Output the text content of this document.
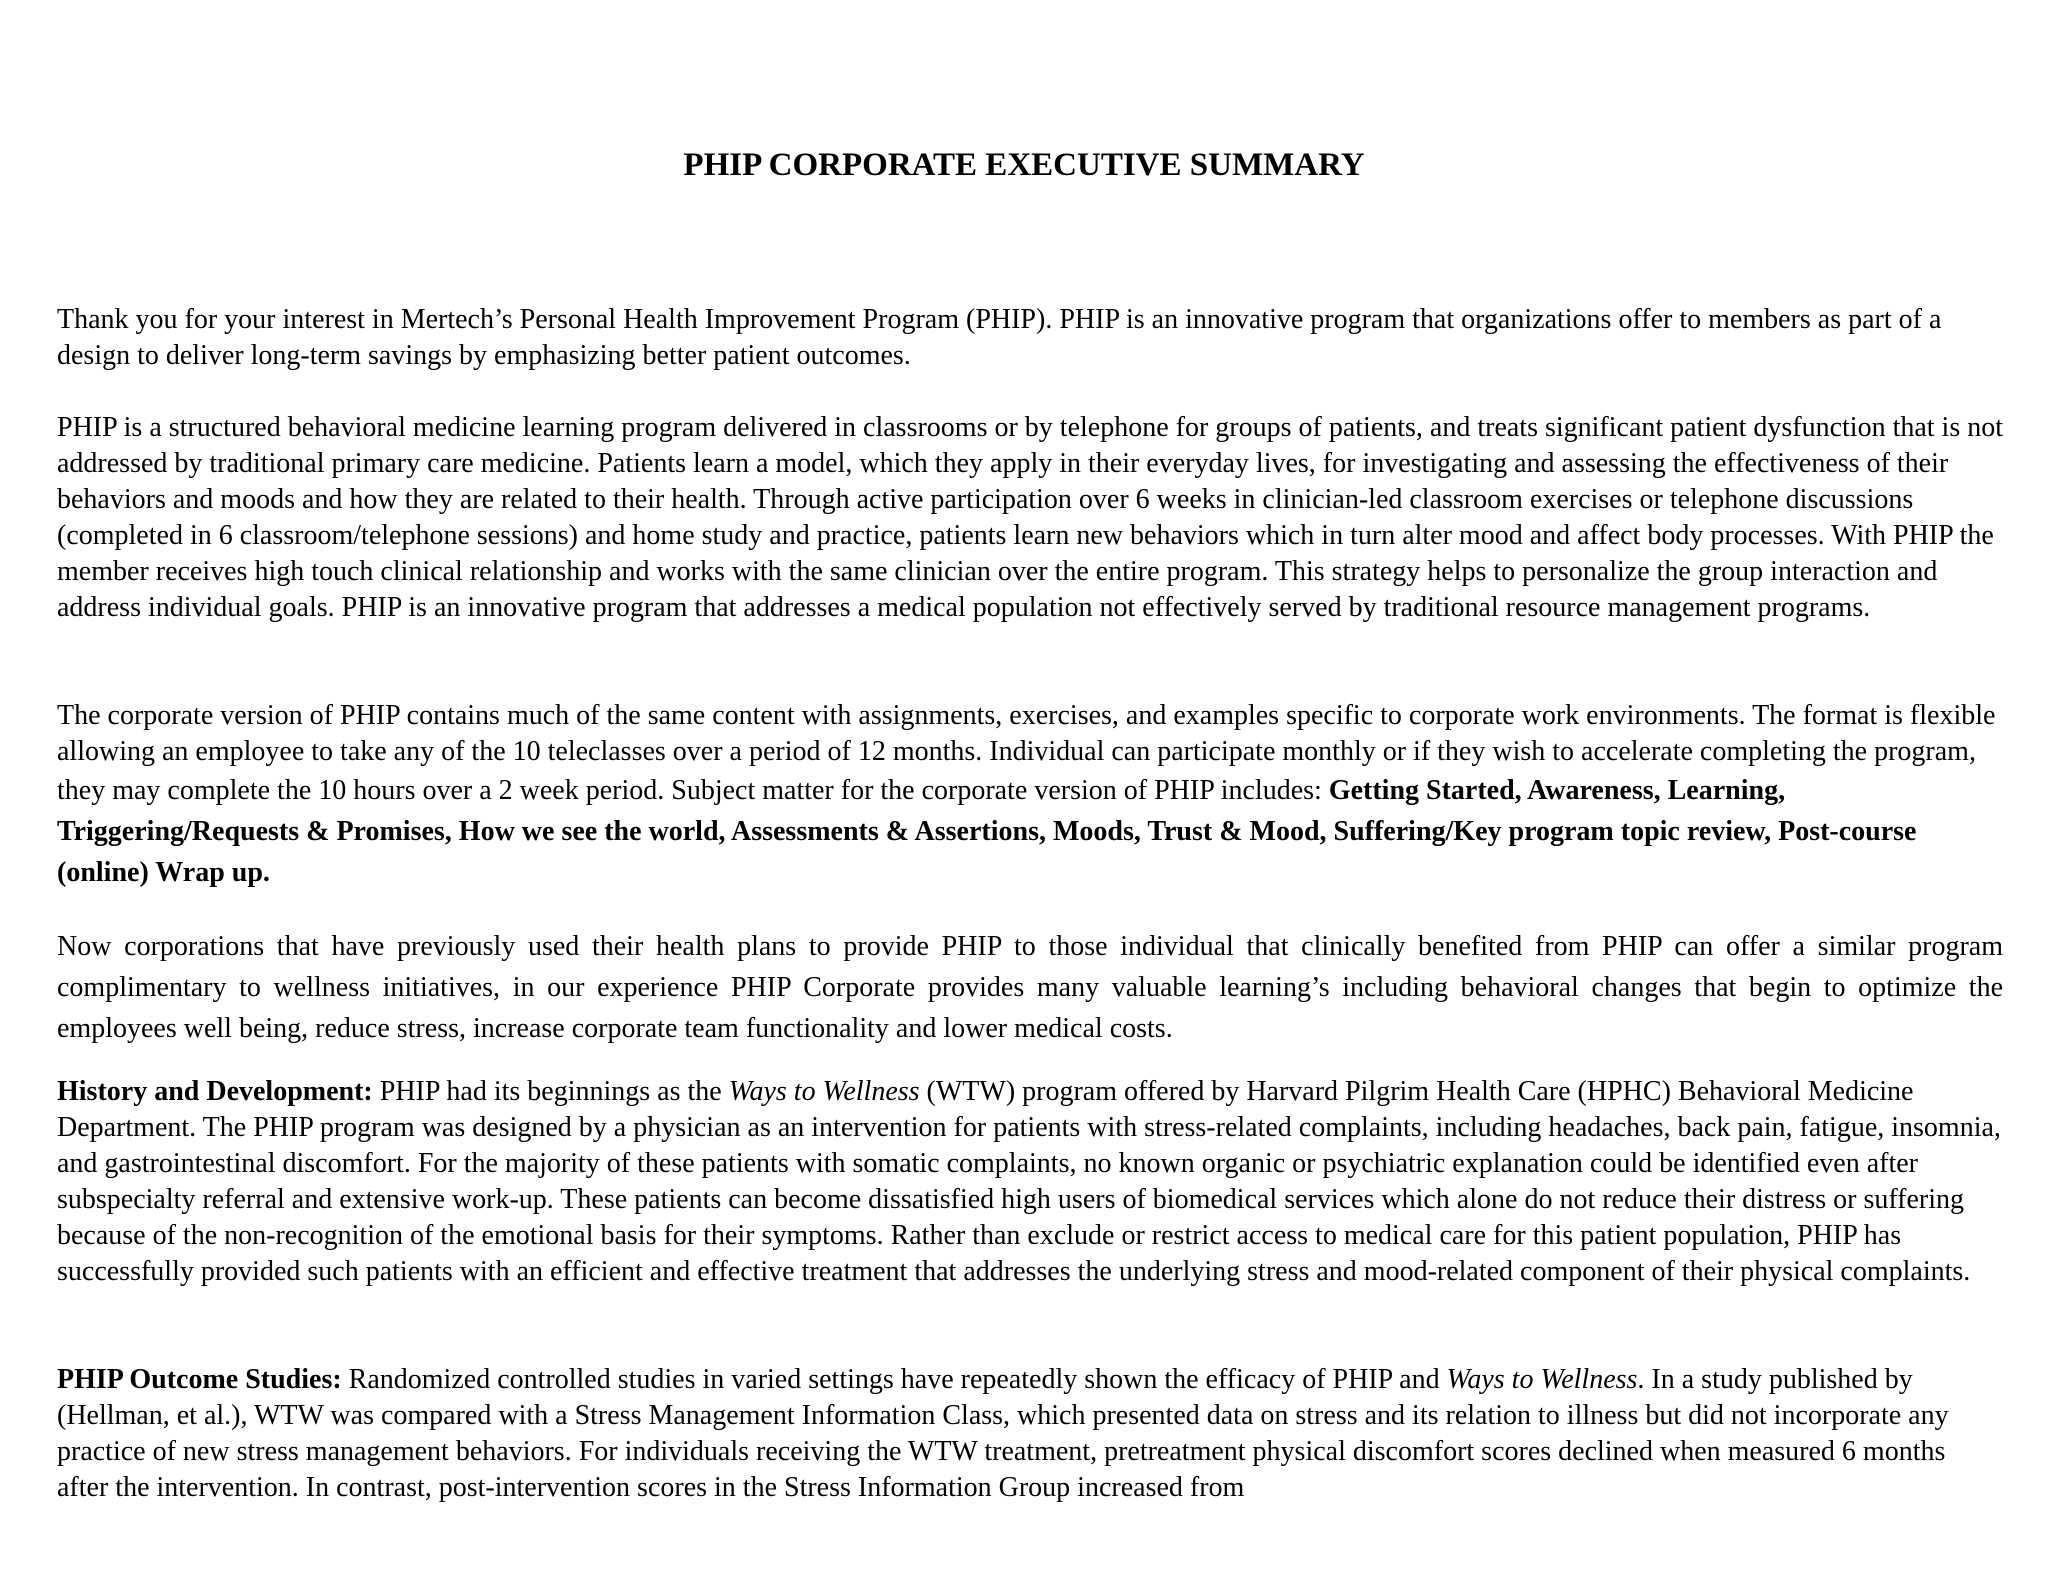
PHIP CORPORATE EXECUTIVE SUMMARY

Thank you for your interest in Mertech’s Personal Health Improvement Program (PHIP). PHIP is an innovative program that organizations offer to members as part of a design to deliver long-term savings by emphasizing better patient outcomes.

PHIP is a structured behavioral medicine learning program delivered in classrooms or by telephone for groups of patients, and treats significant patient dysfunction that is not addressed by traditional primary care medicine. Patients learn a model, which they apply in their everyday lives, for investigating and assessing the effectiveness of their behaviors and moods and how they are related to their health. Through active participation over 6 weeks in clinician-led classroom exercises or telephone discussions (completed in 6 classroom/telephone sessions) and home study and practice, patients learn new behaviors which in turn alter mood and affect body processes. With PHIP the member receives high touch clinical relationship and works with the same clinician over the entire program. This strategy helps to personalize the group interaction and address individual goals. PHIP is an innovative program that addresses a medical population not effectively served by traditional resource management programs.

The corporate version of PHIP contains much of the same content with assignments, exercises, and examples specific to corporate work environments. The format is flexible allowing an employee to take any of the 10 teleclasses over a period of 12 months. Individual can participate monthly or if they wish to accelerate completing the program, they may complete the 10 hours over a 2 week period. Subject matter for the corporate version of PHIP includes: Getting Started, Awareness, Learning, Triggering/Requests & Promises, How we see the world, Assessments & Assertions, Moods, Trust & Mood, Suffering/Key program topic review, Post-course (online) Wrap up.

Now corporations that have previously used their health plans to provide PHIP to those individual that clinically benefited from PHIP can offer a similar program complimentary to wellness initiatives, in our experience PHIP Corporate provides many valuable learning’s including behavioral changes that begin to optimize the employees well being, reduce stress, increase corporate team functionality and lower medical costs.

History and Development: PHIP had its beginnings as the Ways to Wellness (WTW) program offered by Harvard Pilgrim Health Care (HPHC) Behavioral Medicine Department. The PHIP program was designed by a physician as an intervention for patients with stress-related complaints, including headaches, back pain, fatigue, insomnia, and gastrointestinal discomfort. For the majority of these patients with somatic complaints, no known organic or psychiatric explanation could be identified even after subspecialty referral and extensive work-up. These patients can become dissatisfied high users of biomedical services which alone do not reduce their distress or suffering because of the non-recognition of the emotional basis for their symptoms. Rather than exclude or restrict access to medical care for this patient population, PHIP has successfully provided such patients with an efficient and effective treatment that addresses the underlying stress and mood-related component of their physical complaints.

PHIP Outcome Studies: Randomized controlled studies in varied settings have repeatedly shown the efficacy of PHIP and Ways to Wellness. In a study published by (Hellman, et al.), WTW was compared with a Stress Management Information Class, which presented data on stress and its relation to illness but did not incorporate any practice of new stress management behaviors. For individuals receiving the WTW treatment, pretreatment physical discomfort scores declined when measured 6 months after the intervention. In contrast, post-intervention scores in the Stress Information Group increased from
